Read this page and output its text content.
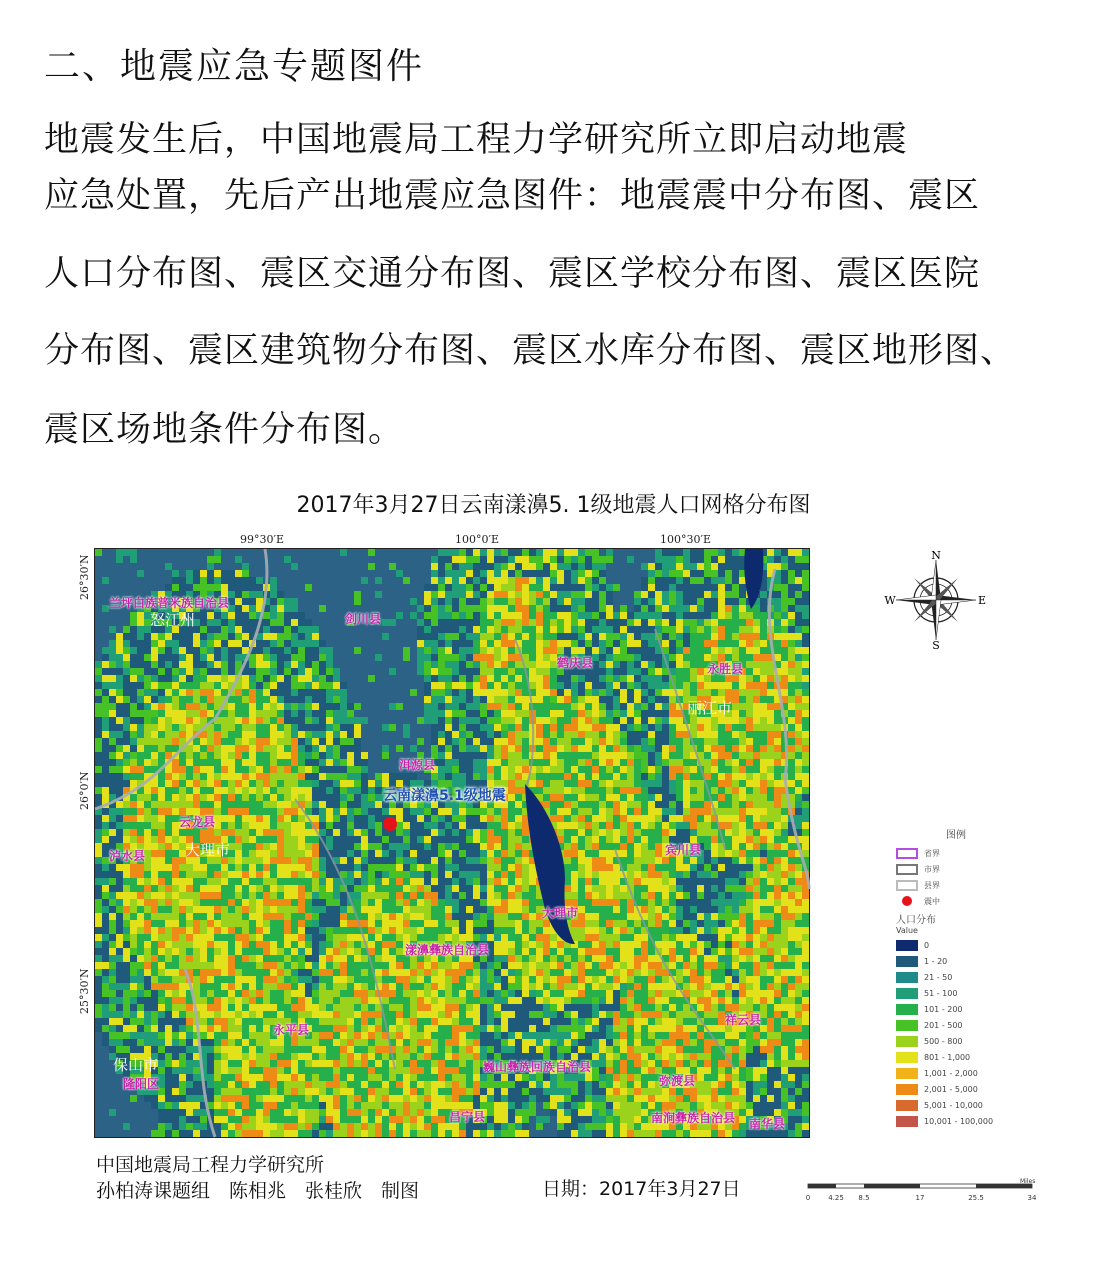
二、地震应急专题图件
地震发生后，中国地震局工程力学研究所立即启动地震
应急处置，先后产出地震应急图件：地震震中分布图、震区
人口分布图、震区交通分布图、震区学校分布图、震区医院
分布图、震区建筑物分布图、震区水库分布图、震区地形图、
震区场地条件分布图。
2017年3月27日云南漾濞5. 1级地震人口网格分布图
99°30′E	100°0′E	100°30′E
26°30′N
26°0′N
25°30′N
兰坪白族普米族自治县
怒江州	剑川县
鹤庆县	永胜县
丽江市
洱源县
云南漾濞5.1级地震
云龙县
大理市
泸水县	宾川县
大理市
漾濞彝族自治县
祥云县
永平县
保山市	巍山彝族回族自治县
隆阳区	弥渡县
昌宁县	南涧彝族自治县 南华县
N
S
E
W
图例
省界
市界
县界
震中
人口分布
Value
0
1 - 20
21 - 50
51 - 100
101 - 200
201 - 500
500 - 800
801 - 1,000
1,001 - 2,000
2,001 - 5,000
5,001 - 10,000
10,001 - 100,000
中国地震局工程力学研究所
孙柏涛课题组　陈相兆　张桂欣　制图	日期：2017年3月27日	0	4.25 8.5	17	25.5	34
Miles
